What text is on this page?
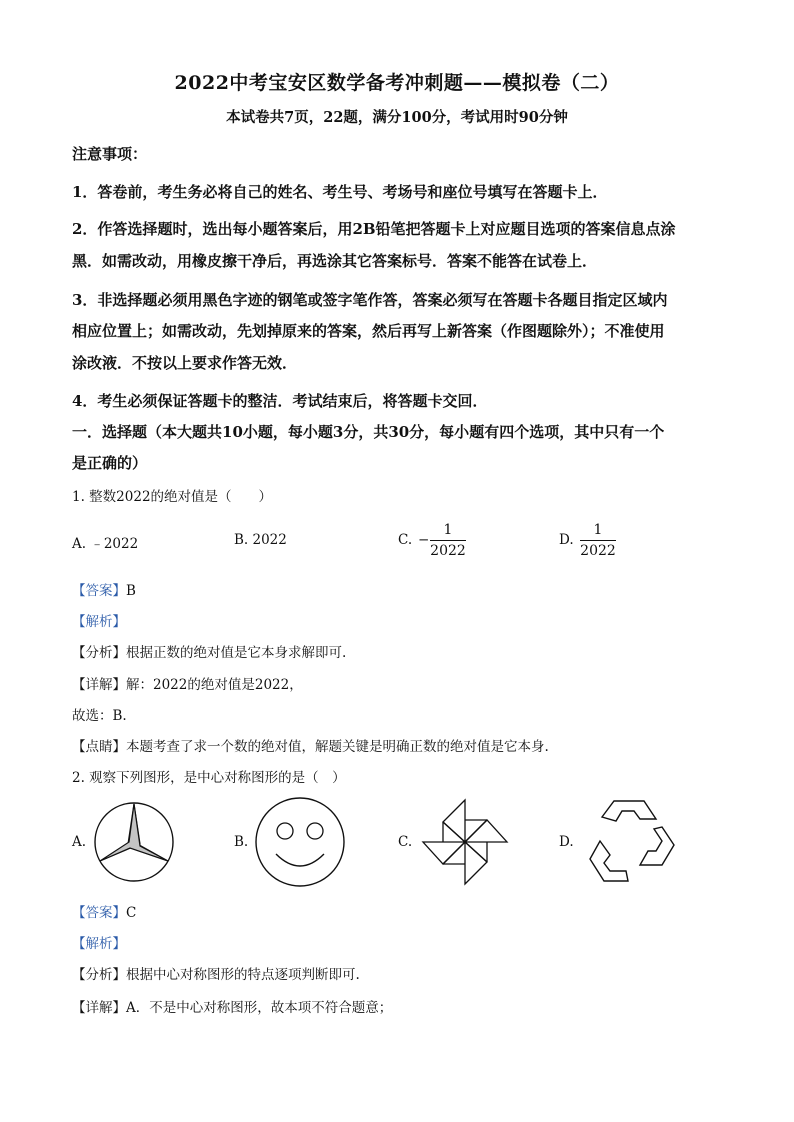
2022中考宝安区数学备考冲刺题——模拟卷（二）
本试卷共7页，22题，满分100分，考试用时90分钟
注意事项：
1．答卷前，考生务必将自己的姓名、考生号、考场号和座位号填写在答题卡上．
2．作答选择题时，选出每小题答案后，用2B铅笔把答题卡上对应题目选项的答案信息点涂
黑．如需改动，用橡皮擦干净后，再选涂其它答案标号．答案不能答在试卷上．
3．非选择题必须用黑色字迹的钢笔或签字笔作答，答案必须写在答题卡各题目指定区域内
相应位置上；如需改动，先划掉原来的答案，然后再写上新答案（作图题除外）；不准使用
涂改液．不按以上要求作答无效．
4．考生必须保证答题卡的整洁．考试结束后，将答题卡交回．
一．选择题（本大题共10小题，每小题3分，共30分，每小题有四个选项，其中只有一个
是正确的）
1. 整数2022的绝对值是（　　）
A. ﹣2022	B. 2022	C. −
1
2022
D.
1
2022
【答案】B
【解析】
【分析】根据正数的绝对值是它本身求解即可.
【详解】解：2022的绝对值是2022，
故选：B.
【点睛】本题考查了求一个数的绝对值，解题关键是明确正数的绝对值是它本身.
2. 观察下列图形，是中心对称图形的是（　）
A.	B.	C.	D.
【答案】C
【解析】
【分析】根据中心对称图形的特点逐项判断即可.
【详解】A．不是中心对称图形，故本项不符合题意；
